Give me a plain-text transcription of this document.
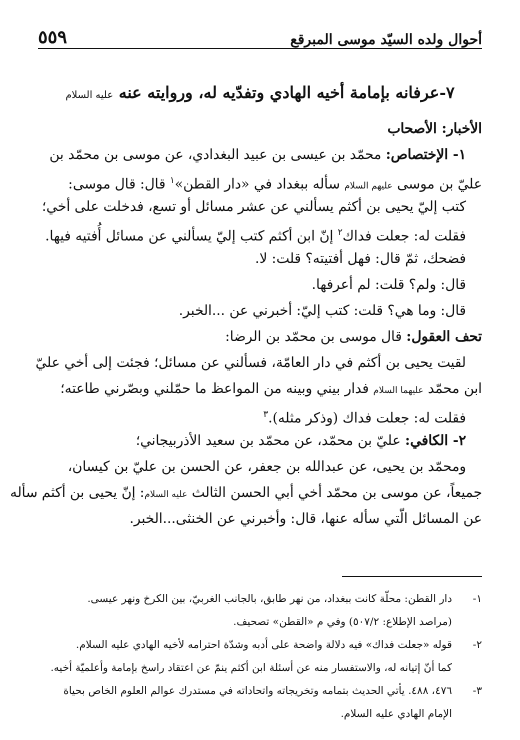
أحوال ولده السيّد موسى المبرقع
٥٥٩
٧-عرفانه بإمامة أخيه الهادي وتفدّيه له، وروايته عنه عليه السلام
الأخبار: الأصحاب
١- الإختصاص: محمّد بن عيسى بن عبيد البغدادي، عن موسى بن محمّد بن
عليّ بن موسى عليهم السلام سأله ببغداد في «دار القطن»$^١$ قال: قال موسى:
كتب إليّ يحيى بن أكثم يسألني عن عشر مسائل أو تسع، فدخلت على أخي؛
فقلت له: جعلت فداك$^٢$ إنّ ابن أكثم كتب إليّ يسألني عن مسائل أُفتيه فيها.
فضحك، ثمّ قال: فهل أفتيته؟ قلت: لا.
قال: ولم؟ قلت: لم أعرفها.
قال: وما هي؟ قلت: كتب إليّ: أخبرني عن ...الخبر.
تحف العقول: قال موسى بن محمّد بن الرضا:
لقيت يحيى بن أكثم في دار العامّة، فسألني عن مسائل؛ فجئت إلى أخي عليّ
ابن محمّد عليهما السلام فدار بيني وبينه من المواعظ ما حمّلني وبصّرني طاعته؛
فقلت له: جعلت فداك (وذكر مثله).$^٣$
٢- الكافي: عليّ بن محمّد، عن محمّد بن سعيد الأذربيجاني؛
ومحمّد بن يحيى، عن عبدالله بن جعفر، عن الحسن بن عليّ بن كيسان،
جميعاً، عن موسى بن محمّد أخي أبي الحسن الثالث عليه السلام: إنّ يحيى بن أكثم سأله
عن المسائل الّتي سأله عنها، قال: وأخبرني عن الخنثى...الخبر.
١-
دار القطن: محلّة كانت ببغداد، من نهر طابق، بالجانب الغربيّ، بين الكرخ ونهر عيسى.
(مراصد الإطلاع: ٥٠٧/٢) وفي م «القطن» تصحيف.
٢-
قوله «جعلت فداك» فيه دلالة واضحة على أدبه وشدّة احترامه لأخيه الهادي عليه السلام.
كما أنّ إتيانه له، والاستفسار منه عن أسئلة ابن أكثم ينمّ عن اعتقاد راسخ بإمامة وأعلميّة أخيه.
٣-
٤٧٦، ٤٨٨. يأتي الحديث بتمامه وتخريجاته واتحاداته في مستدرك عوالم العلوم الخاص بحياة
الإمام الهادي عليه السلام.
